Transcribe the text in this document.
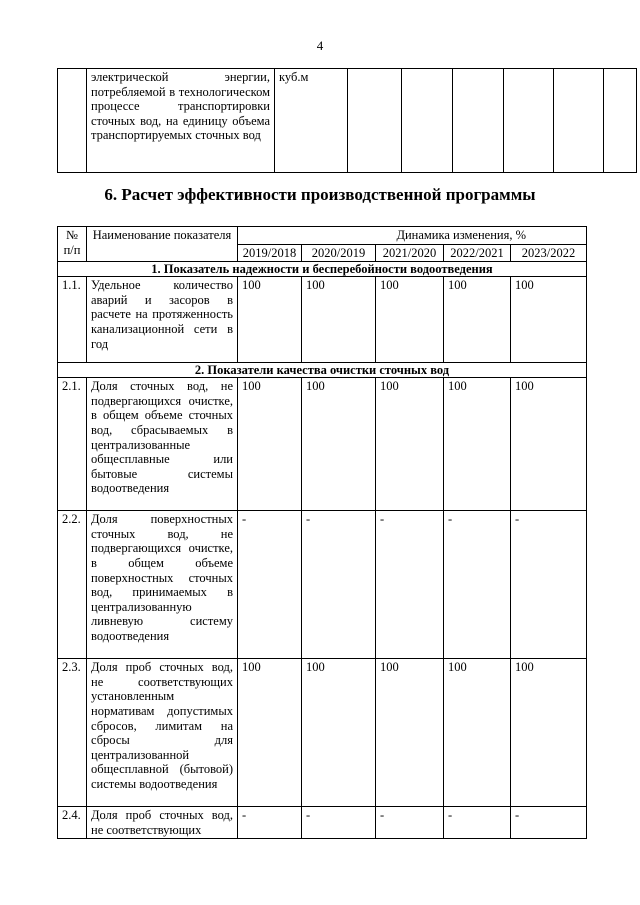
4
	электрической энергии, потребляемой в технологическом процессе транспортировки сточных вод, на единицу объема транспортируемых сточных вод	куб.м						
6. Расчет эффективности производственной программы
№ п/п	Наименование показателя	Динамика изменения, %				
		2019/2018	2020/2019	2021/2020	2022/2021	2023/2022
1. Показатель надежности и бесперебойности водоотведения						
1.1.	Удельное количество аварий и засоров в расчете на протяженность канализационной сети в год	100	100	100	100	100
2. Показатели качества очистки сточных вод						
2.1.	Доля сточных вод, не подвергающихся очистке, в общем объеме сточных вод, сбрасываемых в централизованные общесплавные или бытовые системы водоотведения	100	100	100	100	100
2.2.	Доля поверхностных сточных вод, не подвергающихся очистке, в общем объеме поверхностных сточных вод, принимаемых в централизованную ливневую систему водоотведения	-	-	-	-	-
2.3.	Доля проб сточных вод, не соответствующих установленным нормативам допустимых сбросов, лимитам на сбросы для централизованной общесплавной (бытовой) системы водоотведения	100	100	100	100	100
2.4.	Доля проб сточных вод, не соответствующих	-	-	-	-	-
